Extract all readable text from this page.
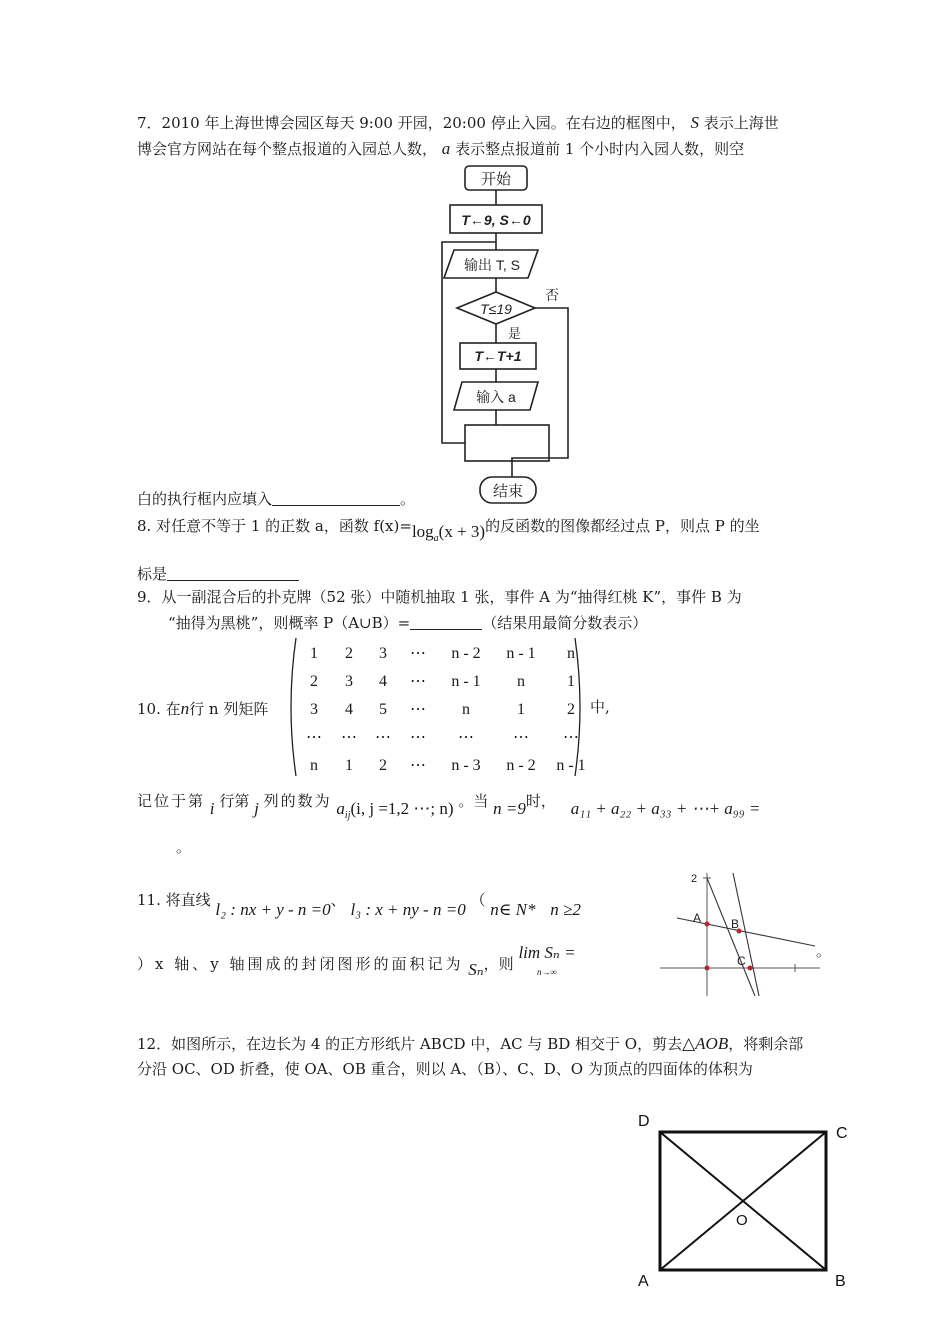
7．2010 年上海世博会园区每天 9:00 开园，20:00 停止入园。在右边的框图中， S 表示上海世
博会官方网站在每个整点报道的入园总人数， a 表示整点报道前 1 个小时内入园人数，则空
开始
T←9, S←0
输出 T, S
T≤19
否
是
T←T+1
输入 a
结束
白的执行框内应填入	。
8. 对任意不等于 1 的正数 a，函数 $f(x)=\log_a(x + 3)$的反函数的图像都经过点 P，则点 P 的坐
标是
9．从一副混合后的扑克牌（52 张）中随机抽取 1 张，事件 A 为“抽得红桃 K”，事件 B 为
“抽得为黑桃”，则概率 P（A∪B）=	（结果用最简分数表示）
10. 在n行 n 列矩阵
1	2	3	⋯	n - 2	n - 1	n
2	3	4	⋯	n - 1	n	1
3	4	5	⋯	n	1	2
⋯	⋯	⋯	⋯	⋯	⋯	⋯
n	1	2	⋯	n - 3	n - 2	n - 1
中,
记位于第 i 行第 j 列的数为 $a_{ij}(i$, j =1,2 ⋯; n) 。当 n =9时， a₁₁ + a₂₂ + a₃₃ + ⋯+ a₉₉ =
。
11. 将直线 l₂ : nx + y - n =0、 l₃ : x + ny - n =0 （ n∈ N* n ≥2
）x 轴、y 轴围成的封闭图形的面积记为 Sₙ，则 lim Sₙ =
n→∞
。
2
A B
C
12．如图所示，在边长为 4 的正方形纸片 ABCD 中，AC 与 BD 相交于 O，剪去△AOB，将剩余部
分沿 OC、OD 折叠，使 OA、OB 重合，则以 A、（B）、C、D、O 为顶点的四面体的体积为
D
C
A	B
O
